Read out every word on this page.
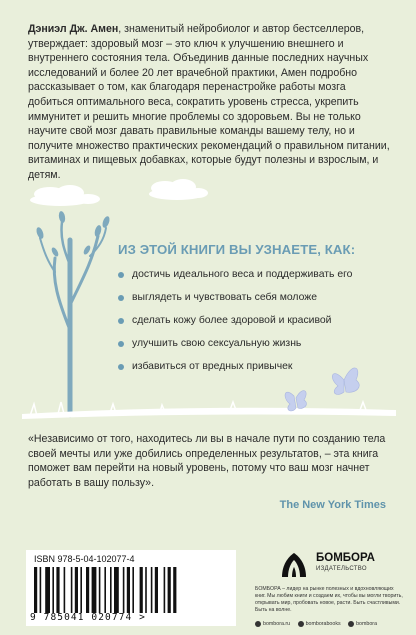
Дэниэл Дж. Амен, знаменитый нейробиолог и автор бестселлеров, утверждает: здоровый мозг – это ключ к улучшению внешнего и внутреннего состояния тела. Объединив данные последних научных исследований и более 20 лет врачебной практики, Амен подробно рассказывает о том, как благодаря перенастройке работы мозга добиться оптимального веса, сократить уровень стресса, укрепить иммунитет и решить многие проблемы со здоровьем. Вы не только научите свой мозг давать правильные команды вашему телу, но и получите множество практических рекомендаций о правильном питании, витаминах и пищевых добавках, которые будут полезны и взрослым, и детям.

ИЗ ЭТОЙ КНИГИ ВЫ УЗНАЕТЕ, КАК:
достичь идеального веса и поддерживать его
выглядеть и чувствовать себя моложе
сделать кожу более здоровой и красивой
улучшить свою сексуальную жизнь
избавиться от вредных привычек

«Независимо от того, находитесь ли вы в начале пути по созданию тела своей мечты или уже добились определенных результатов, – эта книга поможет вам перейти на новый уровень, потому что ваш мозг начнет работать в вашу пользу».

The New York Times
ISBN 978-5-04-102077-4
9 785041 020774 >
БОМБОРА
ИЗДАТЕЛЬСТВО
БОМБОРА – лидер на рынке полезных и вдохновляющих книг. Мы любим книги и создаем их, чтобы вы могли творить, открывать мир, пробовать новое, расти. Быть счастливыми. Быть на волне.
bombora.ru	bomborabooks	bombora
